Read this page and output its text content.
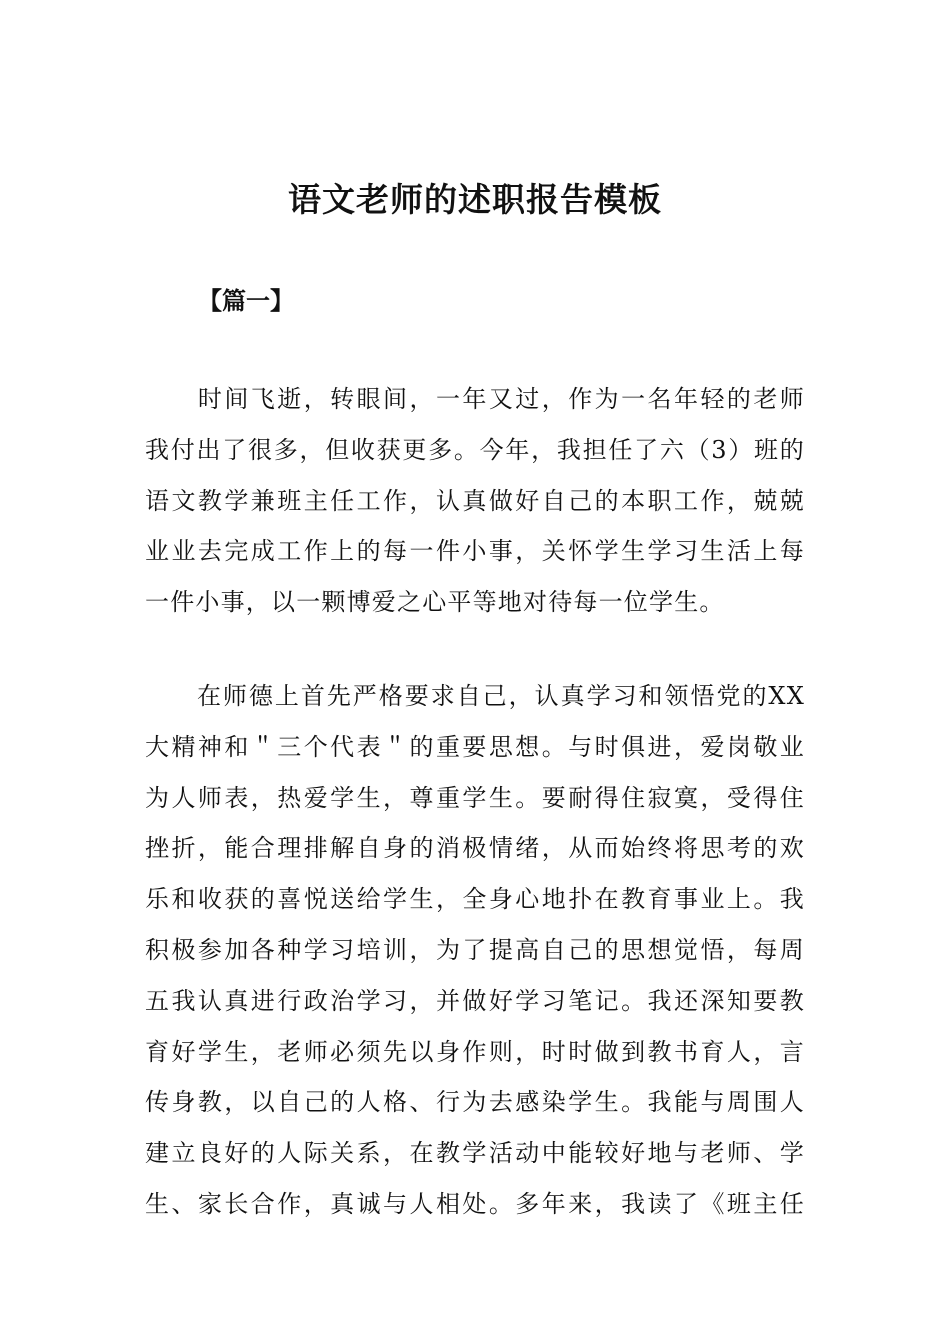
语文老师的述职报告模板
【篇一】
　　时间飞逝，转眼间，一年又过，作为一名年轻的老师
我付出了很多，但收获更多。今年，我担任了六（3）班的
语文教学兼班主任工作，认真做好自己的本职工作，兢兢
业业去完成工作上的每一件小事，关怀学生学习生活上每
一件小事，以一颗博爱之心平等地对待每一位学生。
　　在师德上首先严格要求自己，认真学习和领悟党的XX
大精神和＂三个代表＂的重要思想。与时俱进，爱岗敬业
为人师表，热爱学生，尊重学生。要耐得住寂寞，受得住
挫折，能合理排解自身的消极情绪，从而始终将思考的欢
乐和收获的喜悦送给学生，全身心地扑在教育事业上。我
积极参加各种学习培训，为了提高自己的思想觉悟，每周
五我认真进行政治学习，并做好学习笔记。我还深知要教
育好学生，老师必须先以身作则，时时做到教书育人，言
传身教，以自己的人格、行为去感染学生。我能与周围人
建立良好的人际关系，在教学活动中能较好地与老师、学
生、家长合作，真诚与人相处。多年来，我读了《班主任
